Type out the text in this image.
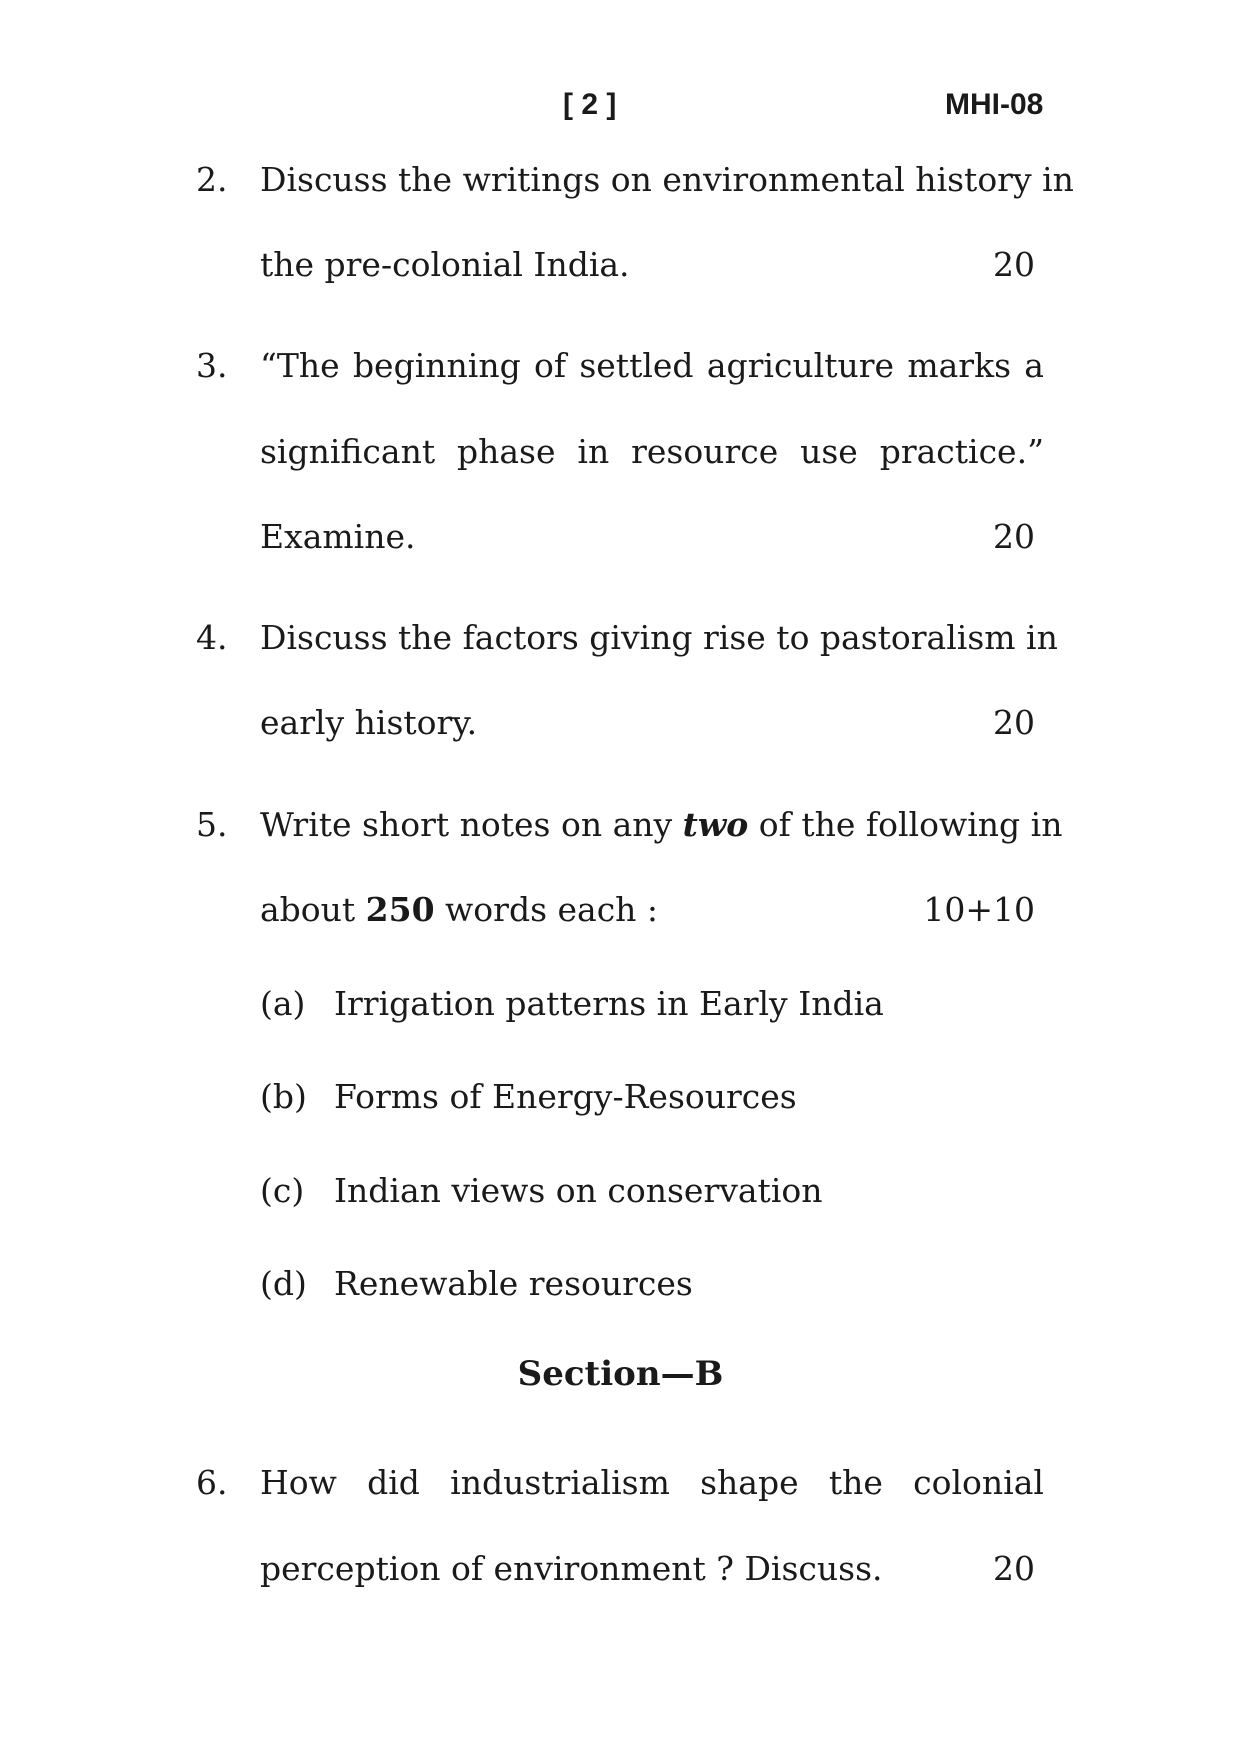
[ 2 ]	MHI-08
2. Discuss the writings on environmental history in
the pre-colonial India.	20
3. “The beginning of settled agriculture marks a
significant phase in resource use practice.”
Examine.	20
4. Discuss the factors giving rise to pastoralism in
early history.	20
5. Write short notes on any two of the following in
about 250 words each :	10+10
(a) Irrigation patterns in Early India
(b) Forms of Energy-Resources
(c) Indian views on conservation
(d) Renewable resources
Section—B
6. How did industrialism shape the colonial
perception of environment ? Discuss.	20
